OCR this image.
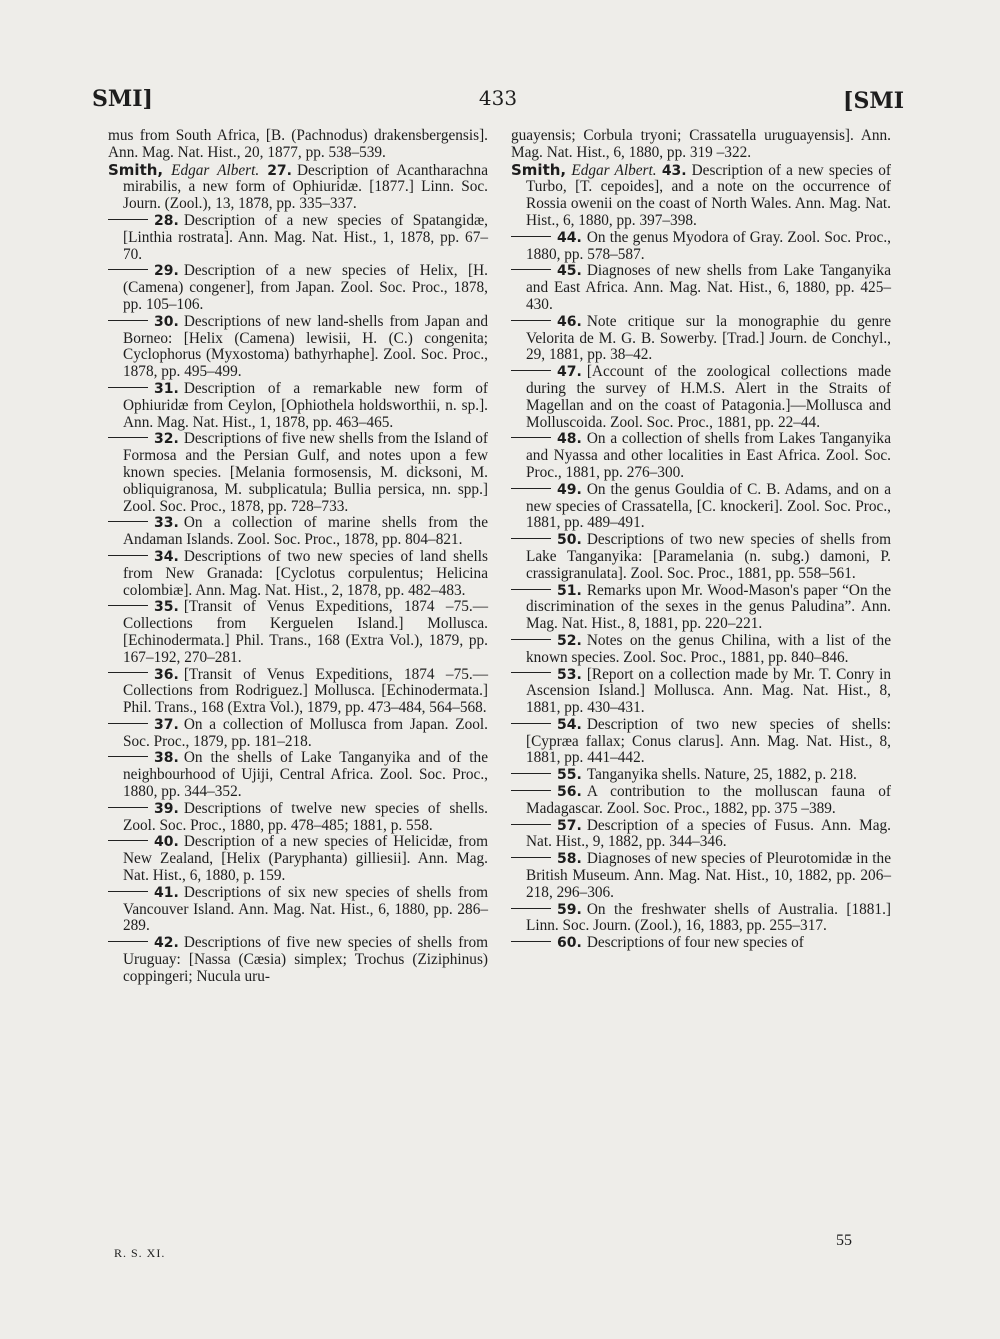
SMI]	433	[SMI
mus from South Africa, [B. (Pachnodus) drakensbergensis]. Ann. Mag. Nat. Hist., 20, 1877, pp. 538–539.
Smith, Edgar Albert. 27. Description of Acantharachna mirabilis, a new form of Ophiuridæ. [1877.] Linn. Soc. Journ. (Zool.), 13, 1878, pp. 335–337.
28. Description of a new species of Spatangidæ, [Linthia rostrata]. Ann. Mag. Nat. Hist., 1, 1878, pp. 67–70.
29. Description of a new species of Helix, [H. (Camena) congener], from Japan. Zool. Soc. Proc., 1878, pp. 105–106.
30. Descriptions of new land-shells from Japan and Borneo: [Helix (Camena) lewisii, H. (C.) congenita; Cyclophorus (Myxostoma) bathyrhaphe]. Zool. Soc. Proc., 1878, pp. 495–499.
31. Description of a remarkable new form of Ophiuridæ from Ceylon, [Ophiothela holdsworthii, n. sp.]. Ann. Mag. Nat. Hist., 1, 1878, pp. 463–465.
32. Descriptions of five new shells from the Island of Formosa and the Persian Gulf, and notes upon a few known species. [Melania formosensis, M. dicksoni, M. obliquigranosa, M. subplicatula; Bullia persica, nn. spp.] Zool. Soc. Proc., 1878, pp. 728–733.
33. On a collection of marine shells from the Andaman Islands. Zool. Soc. Proc., 1878, pp. 804–821.
34. Descriptions of two new species of land shells from New Granada: [Cyclotus corpulentus; Helicina colombiæ]. Ann. Mag. Nat. Hist., 2, 1878, pp. 482–483.
35. [Transit of Venus Expeditions, 1874 –75.—Collections from Kerguelen Island.] Mollusca. [Echinodermata.] Phil. Trans., 168 (Extra Vol.), 1879, pp. 167–192, 270–281.
36. [Transit of Venus Expeditions, 1874 –75.—Collections from Rodriguez.] Mollusca. [Echinodermata.] Phil. Trans., 168 (Extra Vol.), 1879, pp. 473–484, 564–568.
37. On a collection of Mollusca from Japan. Zool. Soc. Proc., 1879, pp. 181–218.
38. On the shells of Lake Tanganyika and of the neighbourhood of Ujiji, Central Africa. Zool. Soc. Proc., 1880, pp. 344–352.
39. Descriptions of twelve new species of shells. Zool. Soc. Proc., 1880, pp. 478–485; 1881, p. 558.
40. Description of a new species of Helicidæ, from New Zealand, [Helix (Paryphanta) gilliesii]. Ann. Mag. Nat. Hist., 6, 1880, p. 159.
41. Descriptions of six new species of shells from Vancouver Island. Ann. Mag. Nat. Hist., 6, 1880, pp. 286–289.
42. Descriptions of five new species of shells from Uruguay: [Nassa (Cæsia) simplex; Trochus (Ziziphinus) coppingeri; Nucula uru-
guayensis; Corbula tryoni; Crassatella uruguayensis]. Ann. Mag. Nat. Hist., 6, 1880, pp. 319 –322.
Smith, Edgar Albert. 43. Description of a new species of Turbo, [T. cepoides], and a note on the occurrence of Rossia owenii on the coast of North Wales. Ann. Mag. Nat. Hist., 6, 1880, pp. 397–398.
44. On the genus Myodora of Gray. Zool. Soc. Proc., 1880, pp. 578–587.
45. Diagnoses of new shells from Lake Tanganyika and East Africa. Ann. Mag. Nat. Hist., 6, 1880, pp. 425–430.
46. Note critique sur la monographie du genre Velorita de M. G. B. Sowerby. [Trad.] Journ. de Conchyl., 29, 1881, pp. 38–42.
47. [Account of the zoological collections made during the survey of H.M.S. Alert in the Straits of Magellan and on the coast of Patagonia.]—Mollusca and Molluscoida. Zool. Soc. Proc., 1881, pp. 22–44.
48. On a collection of shells from Lakes Tanganyika and Nyassa and other localities in East Africa. Zool. Soc. Proc., 1881, pp. 276–300.
49. On the genus Gouldia of C. B. Adams, and on a new species of Crassatella, [C. knockeri]. Zool. Soc. Proc., 1881, pp. 489–491.
50. Descriptions of two new species of shells from Lake Tanganyika: [Paramelania (n. subg.) damoni, P. crassigranulata]. Zool. Soc. Proc., 1881, pp. 558–561.
51. Remarks upon Mr. Wood-Mason's paper “On the discrimination of the sexes in the genus Paludina”. Ann. Mag. Nat. Hist., 8, 1881, pp. 220–221.
52. Notes on the genus Chilina, with a list of the known species. Zool. Soc. Proc., 1881, pp. 840–846.
53. [Report on a collection made by Mr. T. Conry in Ascension Island.] Mollusca. Ann. Mag. Nat. Hist., 8, 1881, pp. 430–431.
54. Description of two new species of shells: [Cypræa fallax; Conus clarus]. Ann. Mag. Nat. Hist., 8, 1881, pp. 441–442.
55. Tanganyika shells. Nature, 25, 1882, p. 218.
56. A contribution to the molluscan fauna of Madagascar. Zool. Soc. Proc., 1882, pp. 375 –389.
57. Description of a species of Fusus. Ann. Mag. Nat. Hist., 9, 1882, pp. 344–346.
58. Diagnoses of new species of Pleurotomidæ in the British Museum. Ann. Mag. Nat. Hist., 10, 1882, pp. 206–218, 296–306.
59. On the freshwater shells of Australia. [1881.] Linn. Soc. Journ. (Zool.), 16, 1883, pp. 255–317.
60. Descriptions of four new species of
R. S. XI.
55
